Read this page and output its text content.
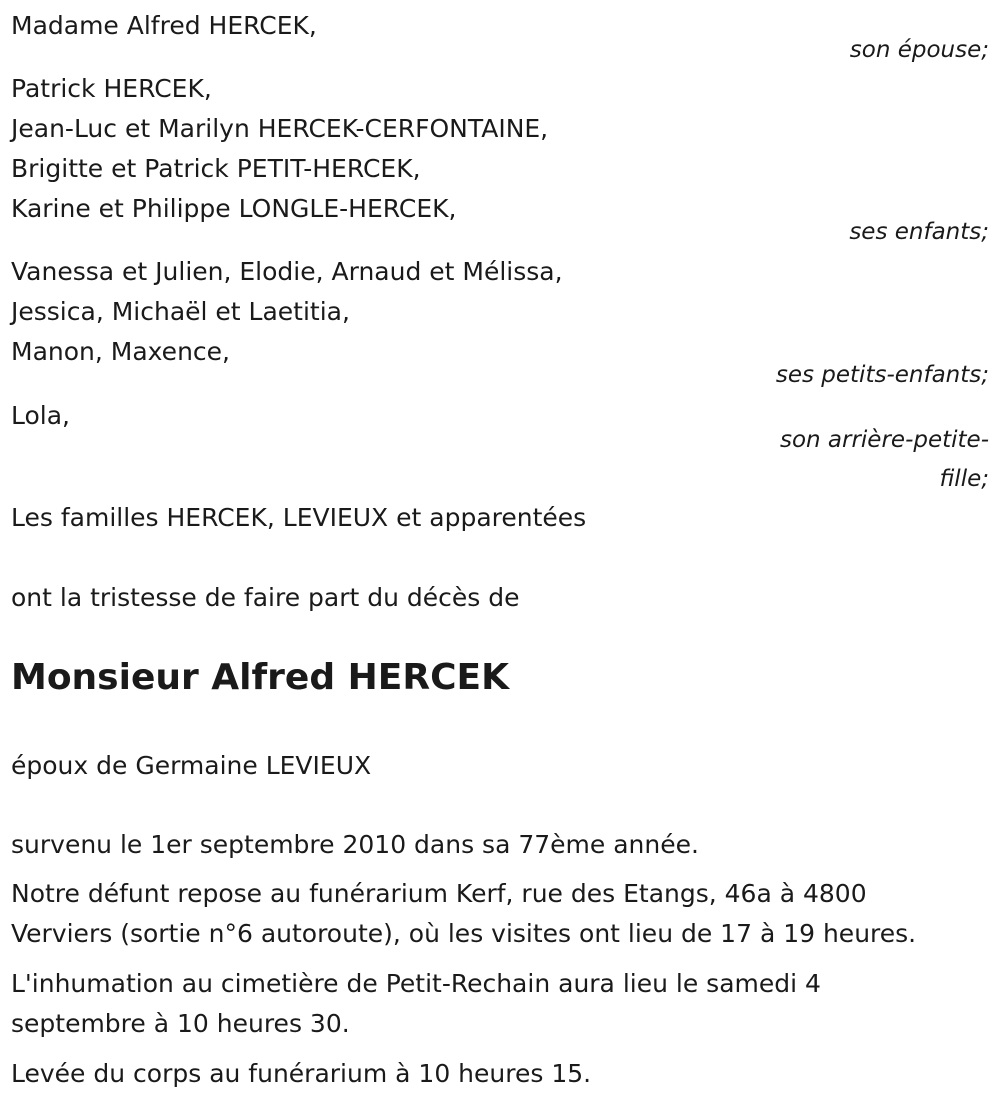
Madame Alfred HERCEK,
son épouse;
Patrick HERCEK,
Jean-Luc et Marilyn HERCEK-CERFONTAINE,
Brigitte et Patrick PETIT-HERCEK,
Karine et Philippe LONGLE-HERCEK,
ses enfants;
Vanessa et Julien, Elodie, Arnaud et Mélissa,
Jessica, Michaël et Laetitia,
Manon, Maxence,
ses petits-enfants;
Lola,
son arrière-petite-
fille;
Les familles HERCEK, LEVIEUX et apparentées
ont la tristesse de faire part du décès de
Monsieur Alfred HERCEK
époux de Germaine LEVIEUX
survenu le 1er septembre 2010 dans sa 77ème année.
Notre défunt repose au funérarium Kerf, rue des Etangs, 46a à 4800
Verviers (sortie n°6 autoroute), où les visites ont lieu de 17 à 19 heures.
L'inhumation au cimetière de Petit-Rechain aura lieu le samedi 4
septembre à 10 heures 30.
Levée du corps au funérarium à 10 heures 15.
